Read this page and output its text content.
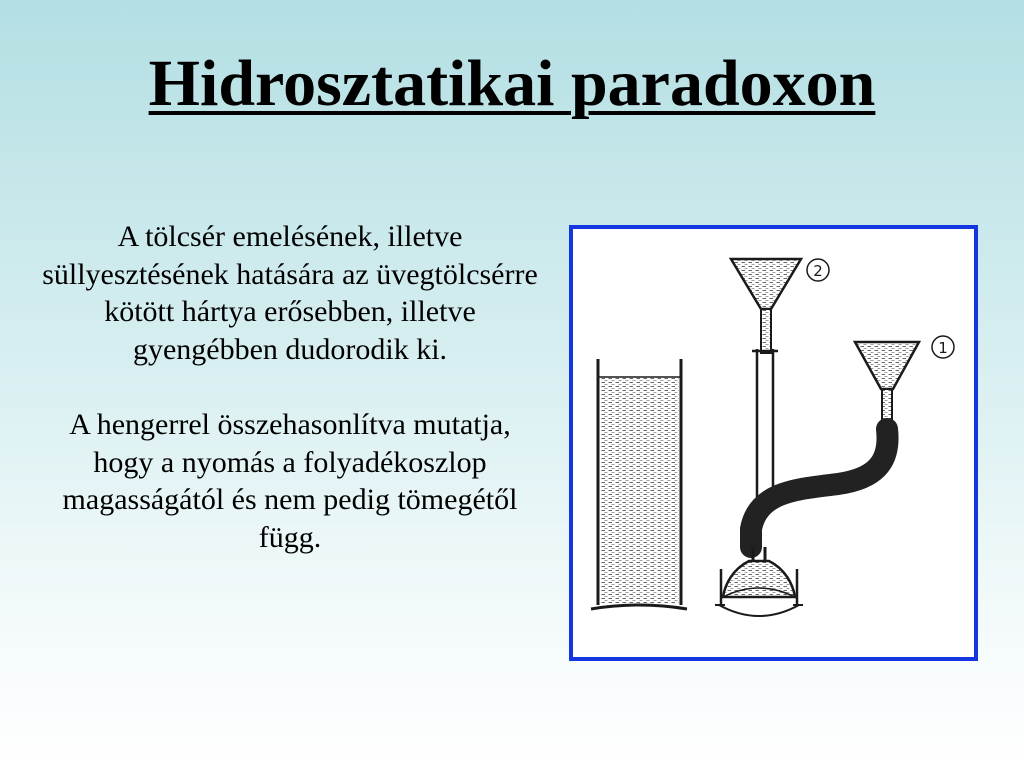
Hidrosztatikai paradoxon

A tölcsér emelésének, illetve süllyesztésének hatására az üvegtölcsérre kötött hártya erősebben, illetve gyengébben dudorodik ki.

A hengerrel összehasonlítva mutatja, hogy a nyomás a folyadékoszlop magasságától és nem pedig tömegétől függ.

2
1
